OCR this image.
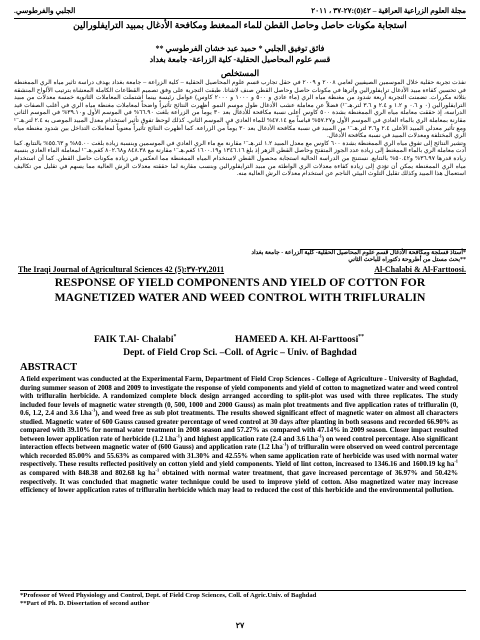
مجلة العلوم الزراعية العراقية – ٤٢(٥):٢٧-٣٧ ، ٢٠١١
الجلبي والفرطوسي.
استجابة مكونات حاصل وحاصل القطن للماء الممغنط ومكافحة الأدغال بمبيد الترايفلورالين
فائق توفيق الجلبي * حميد عبد خشان الفرطوسي **
قسم علوم المحاصيل الحقلية- كلية الزراعة- جامعة بغداد
المستخلص

نفذت تجربة حقلية خلال الموسمين الصيفيين لعامي ٢٠٠٨ و ٢٠٠٩ في حقل تجارب قسم علوم المحاصيل الحقلية – كلية الزراعة – جامعة بغداد بهدف دراسة تأثير مياه الري الممغنطة في تحسين كفاءة مبيد الأدغال ترايفلورالين وأثرها في مكونات حاصل وحاصل القطن صنف لاشاتا. طبقت التجربة على وفق تصميم القطاعات الكاملة المعشاة بترتيب الألواح المنشقة بثلاثة مكررات. تضمنت التجربة أربعة شدود من مغنطة مياه الري (ماء عادي و ٥٠٠ و ١٠٠٠ و ٢٠٠٠ كاوس) عوامل رئيسة بينما اشتملت المعاملات الثانوية خمسة معدلات من مبيد الترايفلورالين (٠ و ٠.٦ و ١.٢ و ٢.٤ و ٣.٦ لتر.هـ⁻¹) فضلاً عن معاملة عشب الأدغال طول موسم النمو. أظهرت النتائج تأثيراً واضحاً لمعاملات مغنطة مياه الري في أغلب الصفات قيد الدراسة، إذ حققت معاملة مياه الري الممغنطة بشدة ٥٠٠ كاوس أعلى نسبة مكافحة للأدغال بعد ٣٠ يوماً من الزراعة بلغت ٦٦.٩٠% في الموسم الأول و٣٩.١٠% في الموسم الثاني مقارنة بمعاملة الري بالماء العادي في الموسم الأول و٥٧.٢٧% قياساً مع ٤٧.١٤% للماء العادي في الموسم الثاني. كذلك لوحظ تفوق تأثير استخدام معدل المبيد الموصى به ٢.٤ لتر.هـ⁻¹ ومع تأثير معدلي المبيد الأعلى ٢.٤ و٣.٦ لتر.هـ⁻¹ من المبيد في نسبة مكافحة الأدغال بعد ٣٠ يوماً من الزراعة. كما أظهرت النتائج تأثيراً معنوياً لمعاملات التداخل بين شدود مغنطة مياه الري المختلفة ومعدلات المبيد في نسبة مكافحة الأدغال.

وتشير النتائج إلى تفوق مياه الري الممغنطة بشدة ٦٠٠ كاوس مع معدل المبيد ١.٢ لتر.هـ⁻¹ مقارنة مع ماء الري العادي في الموسمين وبنسبة زيادة بلغت ٨٥.٠٠% و ٥٥.٦٣% بالتتابع. كما أدت معاملة الري بالماء الممغنط إلى زيادة عدد الجوز المتفتح وحاصل القطن الزهر إذ بلغ ١٣٤٦.١٦ و١٦٠٠.١٩ كغم.هـ⁻¹ مقارنة مع ٨٤٨.٣٨ و٨٠٢.٦٨ كغم.هـ⁻¹ لمعاملة الماء العادي بنسبة زيادة قدرها ٣٦.٩٧% و٥٠.٤٢% بالتتابع. نستنتج من الدراسة الحالية استجابة محصول القطن لاستخدام المياه الممغنطة مما انعكس في زيادة مكونات حاصل القطن. كما أن استخدام مياه الري الممغنطة يمكن أن تؤدي إلى زيادة كفاءة معدلات الري الواطئة من مبيد الترايفلورالين وبنسب مقاربة لما حققته معدلات الرش العالية مما يسهم في تقليل من تكاليف استعمال هذا المبيد وكذلك تقليل التلوث البيئي الناجم عن استخدام معدلات الرش العالية منه.

*أستاذ فسلجة ومكافحة الأدغال قسم علوم المحاصيل الحقلية- كلية الزراعة - جامعة بغداد
**بحث مستل من أطروحة دكتوراه للباحث الثاني
The Iraqi Journal of Agricultural Sciences 42 (5):٢٧-٣٧,2011	Al-Chalabi & Al-Farttoosi.
RESPONSE OF YIELD COMPONENTS AND YIELD OF COTTON FOR MAGNETIZED WATER AND WEED CONTROL WITH TRIFLURALIN
FAIK T.Al- Chalabi*	HAMEED A. KH. Al-Farttoosi**
Dept. of Field Crop Sci. –Coll. of Agric – Univ. of Baghdad
ABSTRACT
A field experiment was conducted at the Experimental Farm, Department of Field Crop Sciences - College of Agriculture - University of Baghdad, during summer season of 2008 and 2009 to investigate the response of yield components and yield of cotton to magnetized water and weed control with trifluralin herbicide. A randomized complete block design arranged according to split-plot was used with three replicates. The study included four levels of magnetic water strength (0, 500, 1000 and 2000 Gauss) as main plot treatments and five application rates of trifluralin (0, 0.6, 1.2, 2.4 and 3.6 $l.ha^{-1}$), and weed free as sub plot treatments. The results showed significant effect of magnetic water on almost all characters studied. Magnetic water of 600 Gauss caused greater percentage of weed control at 30 days after planting in both seasons and recorded 66.90% as compared with 39.10% for normal water treatment in 2008 season and 57.27% as compared with 47.14% in 2009 season. Closer impact resulted between lower application rate of herbicide (1.2 $l.ha^{-1}$) and highest application rate (2.4 and 3.6 $l.ha^{-1}$) on weed control percentage. Also significant interaction effects between magnetic water of (600 Gauss) and application rate (1.2 $l.ha^{-1}$) of trifluralin were observed on weed control percentage which recorded 85.00% and 55.63% as compared with 31.30% and 42.55% when same application rate of herbicide was used with normal water respectively. These results reflected positively on cotton yield and yield components. Yield of lint cotton, increased to 1346.16 and 1600.19 kg $ha^{-1}$ as compared with 848.38 and 802.68 kg $ha^{-1}$ obtained with normal water treatment, that gave increased percentage of 36.97% and 50.42% respectively. It was concluded that magnetic water technique could be used to improve yield of cotton. Also magnetized water may increase efficiency of lower application rates of trifluralin herbicide which may lead to reduced the cost of this herbicide and the environmental pollution.
*Professor of Weed Physiology and Control, Dept. of Field Crop Sciences, Coll. of Agric.Univ. of Baghdad
**Part of Ph. D. Dissertation of second author
٢٧
